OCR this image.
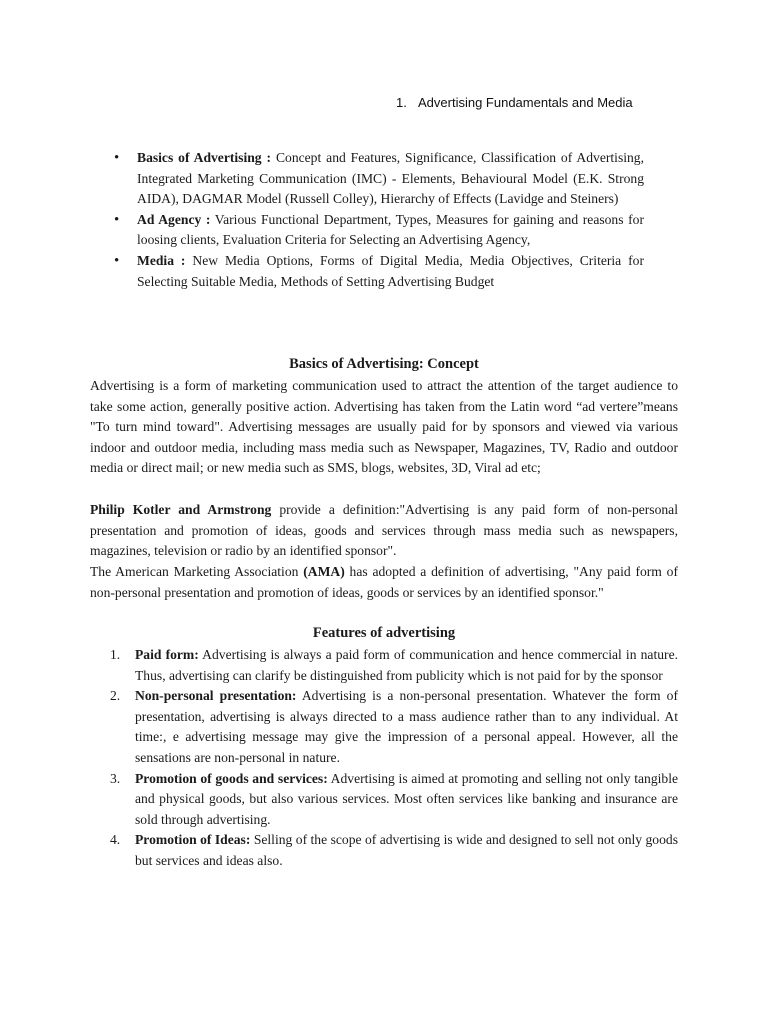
1. Advertising Fundamentals and Media
• Basics of Advertising : Concept and Features, Significance, Classification of Advertising, Integrated Marketing Communication (IMC) - Elements, Behavioural Model (E.K. Strong AIDA), DAGMAR Model (Russell Colley), Hierarchy of Effects (Lavidge and Steiners)
• Ad Agency : Various Functional Department, Types, Measures for gaining and reasons for loosing clients, Evaluation Criteria for Selecting an Advertising Agency,
• Media : New Media Options, Forms of Digital Media, Media Objectives, Criteria for Selecting Suitable Media, Methods of Setting Advertising Budget
Basics of Advertising: Concept

Advertising is a form of marketing communication used to attract the attention of the target audience to take some action, generally positive action. Advertising has taken from the Latin word “ad vertere”means "To turn mind toward". Advertising messages are usually paid for by sponsors and viewed via various indoor and outdoor media, including mass media such as Newspaper, Magazines, TV, Radio and outdoor media or direct mail; or new media such as SMS, blogs, websites, 3D, Viral ad etc;

Philip Kotler and Armstrong provide a definition:"Advertising is any paid form of non-personal presentation and promotion of ideas, goods and services through mass media such as newspapers, magazines, television or radio by an identified sponsor".

The American Marketing Association (AMA) has adopted a definition of advertising, "Any paid form of non-personal presentation and promotion of ideas, goods or services by an identified sponsor."

Features of advertising
1. Paid form: Advertising is always a paid form of communication and hence commercial in nature. Thus, advertising can clarify be distinguished from publicity which is not paid for by the sponsor
2. Non-personal presentation: Advertising is a non-personal presentation. Whatever the form of presentation, advertising is always directed to a mass audience rather than to any individual. At time:, e advertising message may give the impression of a personal appeal. However, all the sensations are non-personal in nature.
3. Promotion of goods and services: Advertising is aimed at promoting and selling not only tangible and physical goods, but also various services. Most often services like banking and insurance are sold through advertising.
4. Promotion of Ideas: Selling of the scope of advertising is wide and designed to sell not only goods but services and ideas also.
